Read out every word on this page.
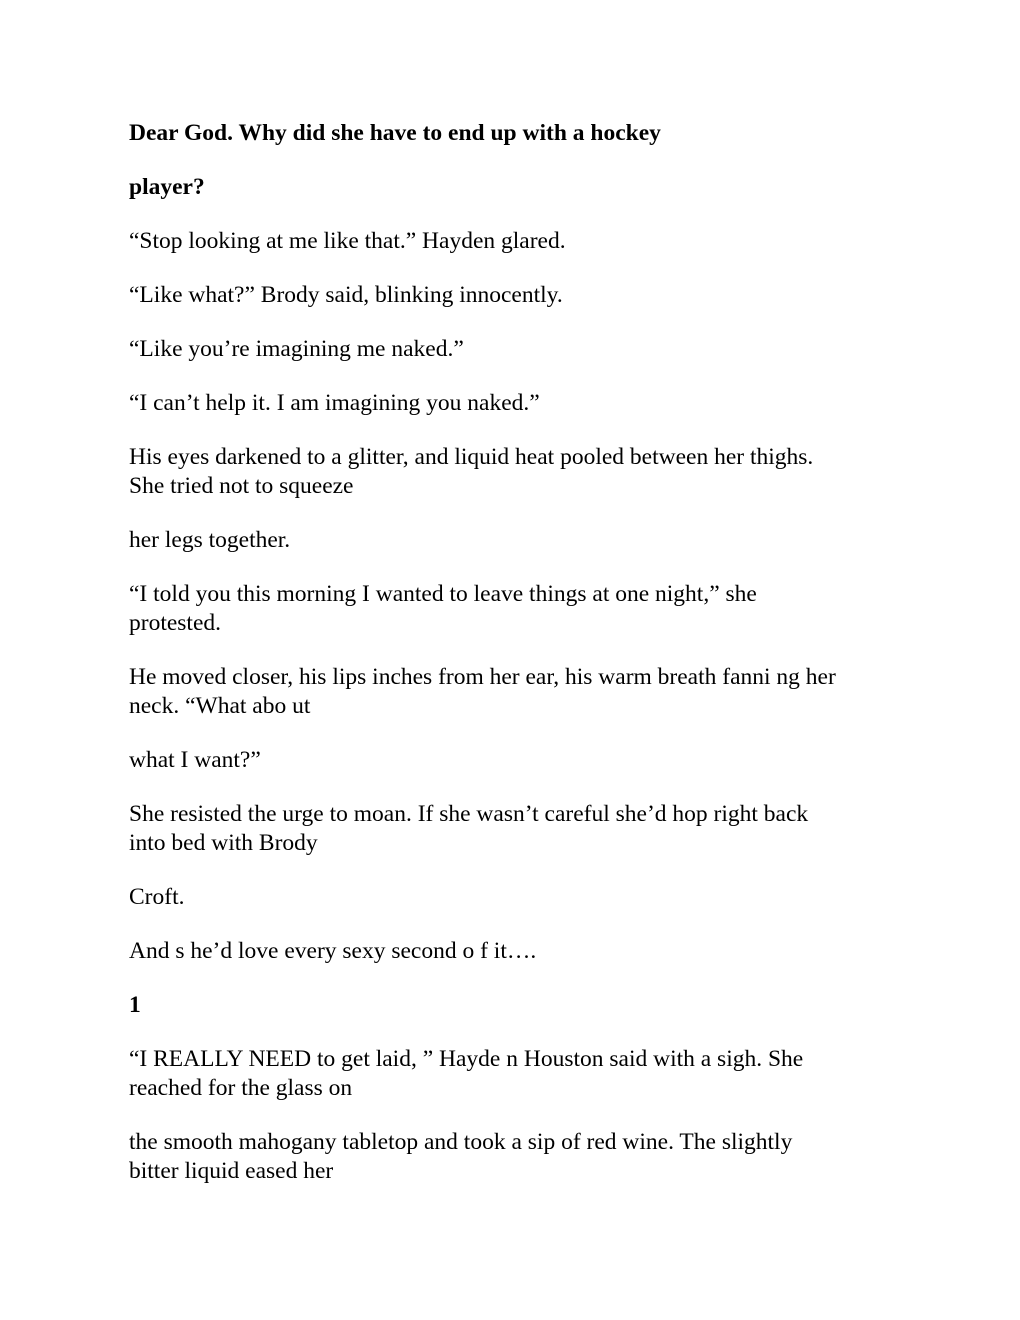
Dear God. Why did she have to end up with a hockey

player?

“Stop looking at me like that.” Hayden glared.

“Like what?” Brody said, blinking innocently.

“Like you’re imagining me naked.”

“I can’t help it. I am imagining you naked.”

His eyes darkened to a glitter, and liquid heat pooled between her thighs.
She tried not to squeeze

her legs together.

“I told you this morning I wanted to leave things at one night,” she
protested.

He moved closer, his lips inches from her ear, his warm breath fanni ng her
neck. “What abo ut

what I want?”

She resisted the urge to moan. If she wasn’t careful she’d hop right back
into bed with Brody

Croft.

And s he’d love every sexy second o f it….

1

“I REALLY NEED to get laid, ” Hayde n Houston said with a sigh. She
reached for the glass on

the smooth mahogany tabletop and took a sip of red wine. The slightly
bitter liquid eased her
